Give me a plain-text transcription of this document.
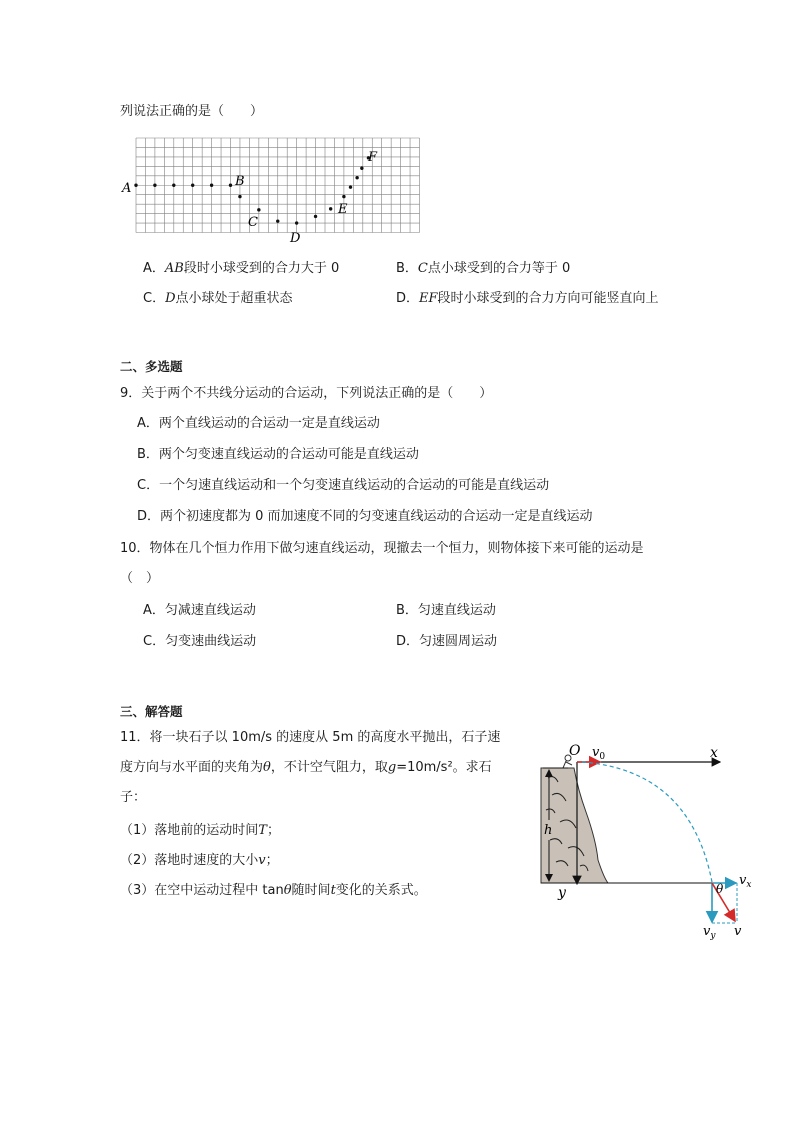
列说法正确的是（　　）
A	B
C
D
E
F
A．AB段时小球受到的合力大于 0	B．C点小球受到的合力等于 0
C．D点小球处于超重状态	D．EF段时小球受到的合力方向可能竖直向上
二、多选题
9．关于两个不共线分运动的合运动，下列说法正确的是（　　）
A．两个直线运动的合运动一定是直线运动
B．两个匀变速直线运动的合运动可能是直线运动
C．一个匀速直线运动和一个匀变速直线运动的合运动的可能是直线运动
D．两个初速度都为 0 而加速度不同的匀变速直线运动的合运动一定是直线运动
10．物体在几个恒力作用下做匀速直线运动，现撤去一个恒力，则物体接下来可能的运动是
（　）
A．匀减速直线运动	B．匀速直线运动
C．匀变速曲线运动	D．匀速圆周运动
三、解答题
11．将一块石子以 10m/s 的速度从 5m 的高度水平抛出，石子速
度方向与水平面的夹角为θ，不计空气阻力，取g=10m/s²。求石
子：
（1）落地前的运动时间T；
（2）落地时速度的大小v；
（3）在空中运动过程中 tanθ随时间t变化的关系式。
h
O	x
y
$v_0$
θ
$v_x$
$v_y$ v
